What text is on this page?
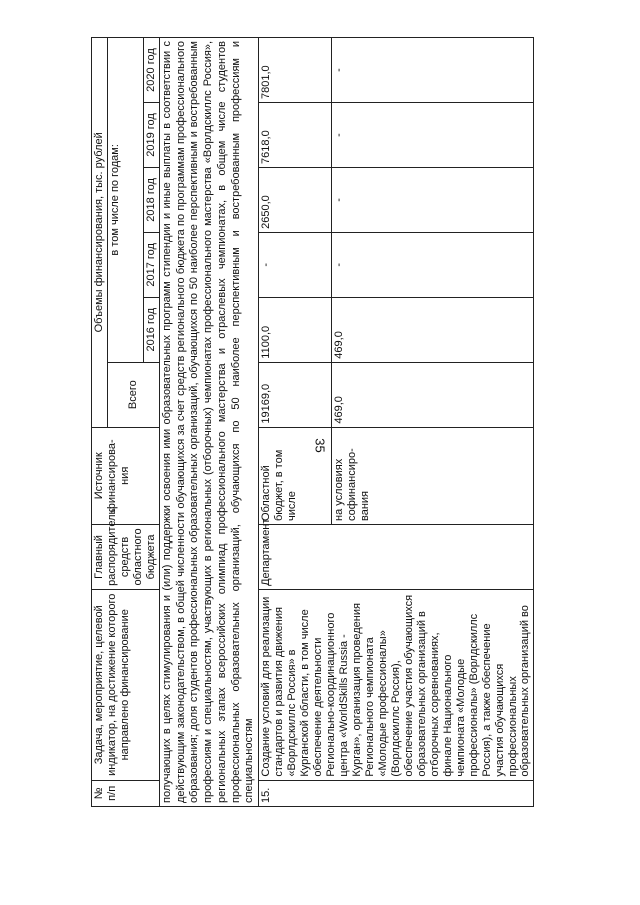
35
№ п/п	Задача, мероприятие, целевой индикатор, на достижение которого направлено финансирование	Главный распорядитель средств областного бюджета	Источник финансирова-ния	Объемы финансирования, тыс. рублей					
				Всего	в том числе по годам:				
					2016 год	2017 год	2018 год	2019 год	2020 год
получающих в целях стимулирования и (или) поддержки освоения ими образовательных программ стипендии и иные выплаты в соответствии с действующим законодательством, в общей численности обучающихся за счет средств регионального бюджета по программам профессионального образования; доля студентов профессиональных образовательных организаций, обучающихся по 50 наиболее перспективным и востребованным профессиям и специальностям, участвующих в региональных (отборочных) чемпионатах профессионального мастерства «Ворлдскиллс Россия», региональных этапах всероссийских олимпиад профессионального мастерства и отраслевых чемпионатах, в общем числе студентов профессиональных образовательных организаций, обучающихся по 50 наиболее перспективным и востребованным профессиям и специальностям									
15.	Создание условий для реализации стандартов и развития движения «Ворлдскиллс Россия» в Курганской области, в том числе обеспечение деятельности Регионально-координационного центра «WorldSkills Russia - Курган», организация проведения Регионального чемпионата «Молодые профессионалы» (Ворлдскиллс Россия), обеспечение участия обучающихся образовательных организаций в отборочных соревнованиях, финале Национального чемпионата «Молодые профессионалы» (Ворлдскиллс Россия), а также обеспечение участия обучающихся профессиональных образовательных организаций во	Департамент	Областной бюджет, в том числе	19169,0	1100,0	-	2650,0	7618,0	7801,0
			на условиях софинансиро-вания	469,0	469,0	-	-	-	-
